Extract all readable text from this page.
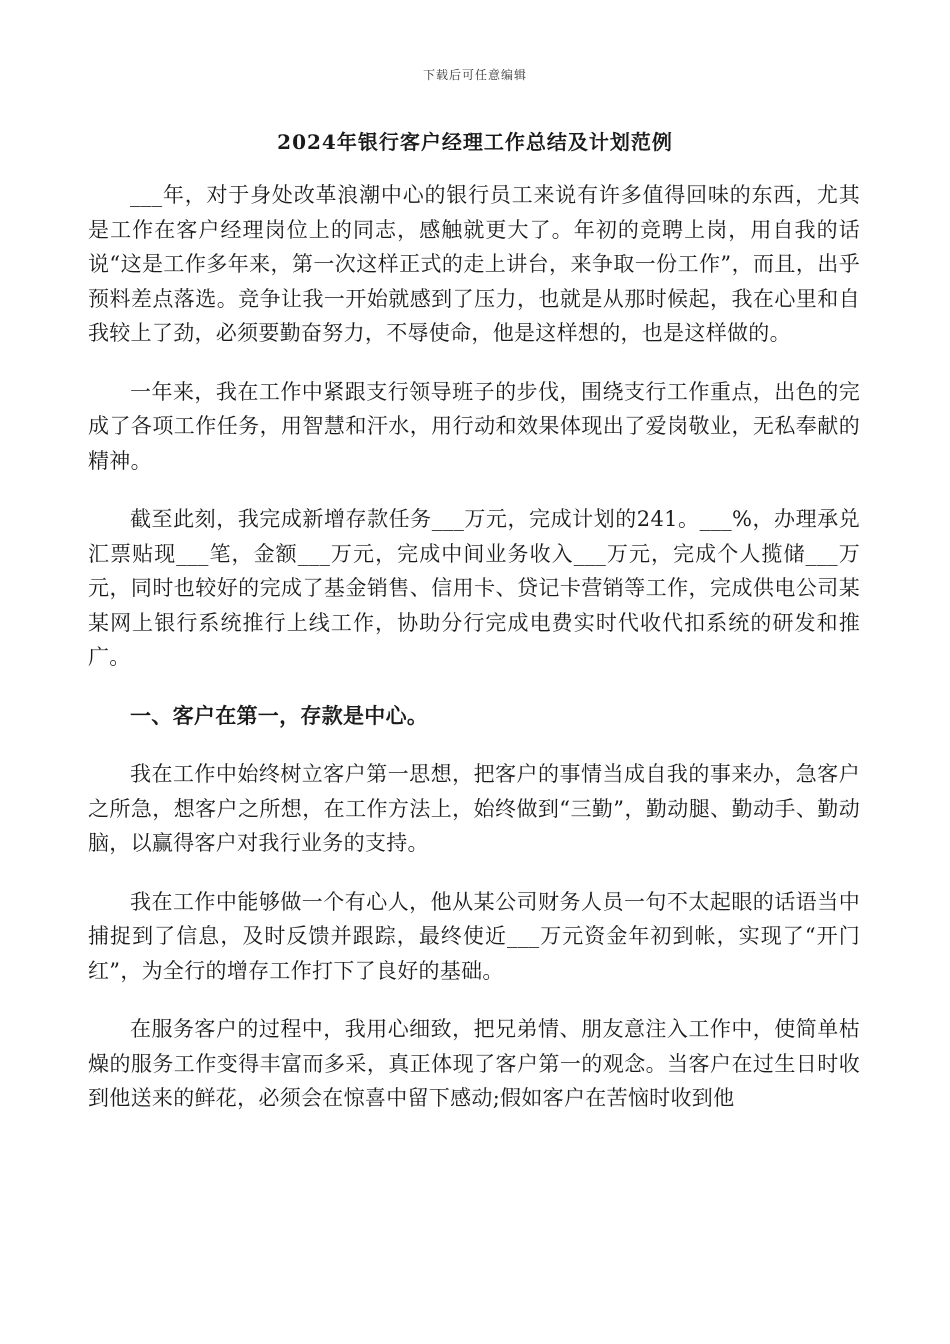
下载后可任意编辑
2024年银行客户经理工作总结及计划范例

___年，对于身处改革浪潮中心的银行员工来说有许多值得回味的东西，尤其是工作在客户经理岗位上的同志，感触就更大了。年初的竞聘上岗，用自我的话说“这是工作多年来，第一次这样正式的走上讲台，来争取一份工作”，而且，出乎预料差点落选。竞争让我一开始就感到了压力，也就是从那时候起，我在心里和自我较上了劲，必须要勤奋努力，不辱使命，他是这样想的，也是这样做的。

一年来，我在工作中紧跟支行领导班子的步伐，围绕支行工作重点，出色的完成了各项工作任务，用智慧和汗水，用行动和效果体现出了爱岗敬业，无私奉献的精神。

截至此刻，我完成新增存款任务___万元，完成计划的241。___%，办理承兑汇票贴现___笔，金额___万元，完成中间业务收入___万元，完成个人揽储___万元，同时也较好的完成了基金销售、信用卡、贷记卡营销等工作，完成供电公司某某网上银行系统推行上线工作，协助分行完成电费实时代收代扣系统的研发和推广。

一、客户在第一，存款是中心。

我在工作中始终树立客户第一思想，把客户的事情当成自我的事来办，急客户之所急，想客户之所想，在工作方法上，始终做到“三勤”，勤动腿、勤动手、勤动脑，以赢得客户对我行业务的支持。

我在工作中能够做一个有心人，他从某公司财务人员一句不太起眼的话语当中捕捉到了信息，及时反馈并跟踪，最终使近___万元资金年初到帐，实现了“开门红”，为全行的增存工作打下了良好的基础。

在服务客户的过程中，我用心细致，把兄弟情、朋友意注入工作中，使简单枯燥的服务工作变得丰富而多采，真正体现了客户第一的观念。当客户在过生日时收到他送来的鲜花，必须会在惊喜中留下感动;假如客户在苦恼时收到他
